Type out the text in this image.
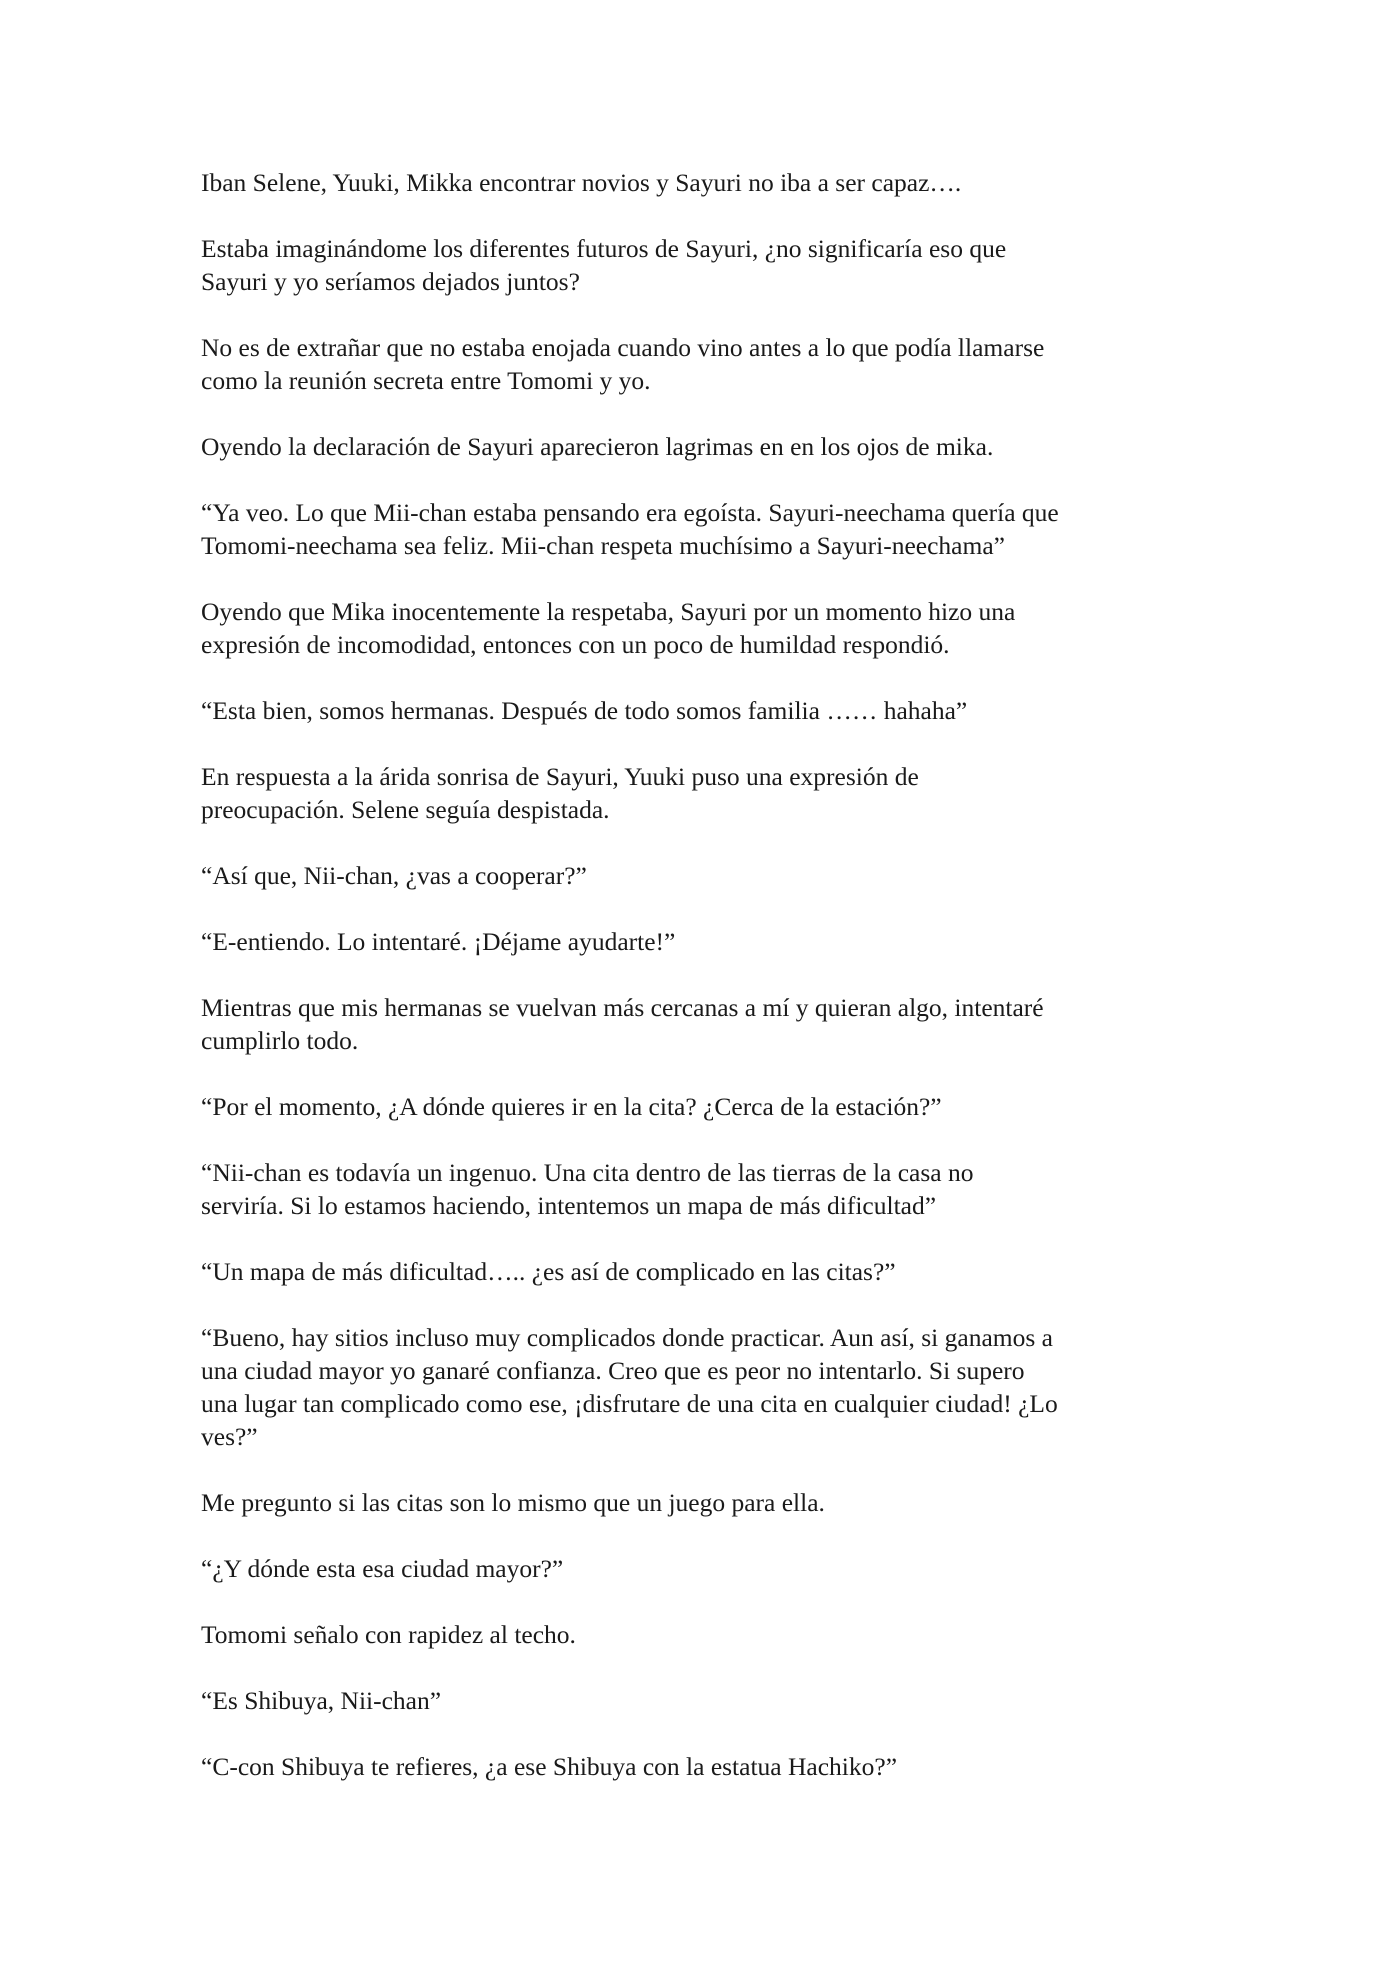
Iban Selene, Yuuki, Mikka encontrar novios y Sayuri no iba a ser capaz….

Estaba imaginándome los diferentes futuros de Sayuri, ¿no significaría eso que
Sayuri y yo seríamos dejados juntos?

No es de extrañar que no estaba enojada cuando vino antes a lo que podía llamarse
como la reunión secreta entre Tomomi y yo.

Oyendo la declaración de Sayuri aparecieron lagrimas en en los ojos de mika.

“Ya veo. Lo que Mii-chan estaba pensando era egoísta. Sayuri-neechama quería que
Tomomi-neechama sea feliz. Mii-chan respeta muchísimo a Sayuri-neechama”

Oyendo que Mika inocentemente la respetaba, Sayuri por un momento hizo una
expresión de incomodidad, entonces con un poco de humildad respondió.

“Esta bien, somos hermanas. Después de todo somos familia …… hahaha”

En respuesta a la árida sonrisa de Sayuri, Yuuki puso una expresión de
preocupación. Selene seguía despistada.

“Así que, Nii-chan, ¿vas a cooperar?”

“E-entiendo. Lo intentaré. ¡Déjame ayudarte!”

Mientras que mis hermanas se vuelvan más cercanas a mí y quieran algo, intentaré
cumplirlo todo.

“Por el momento, ¿A dónde quieres ir en la cita? ¿Cerca de la estación?”

“Nii-chan es todavía un ingenuo. Una cita dentro de las tierras de la casa no
serviría. Si lo estamos haciendo, intentemos un mapa de más dificultad”

“Un mapa de más dificultad….. ¿es así de complicado en las citas?”

“Bueno, hay sitios incluso muy complicados donde practicar. Aun así, si ganamos a
una ciudad mayor yo ganaré confianza. Creo que es peor no intentarlo. Si supero
una lugar tan complicado como ese, ¡disfrutare de una cita en cualquier ciudad! ¿Lo
ves?”

Me pregunto si las citas son lo mismo que un juego para ella.

“¿Y dónde esta esa ciudad mayor?”

Tomomi señalo con rapidez al techo.

“Es Shibuya, Nii-chan”

“C-con Shibuya te refieres, ¿a ese Shibuya con la estatua Hachiko?”
